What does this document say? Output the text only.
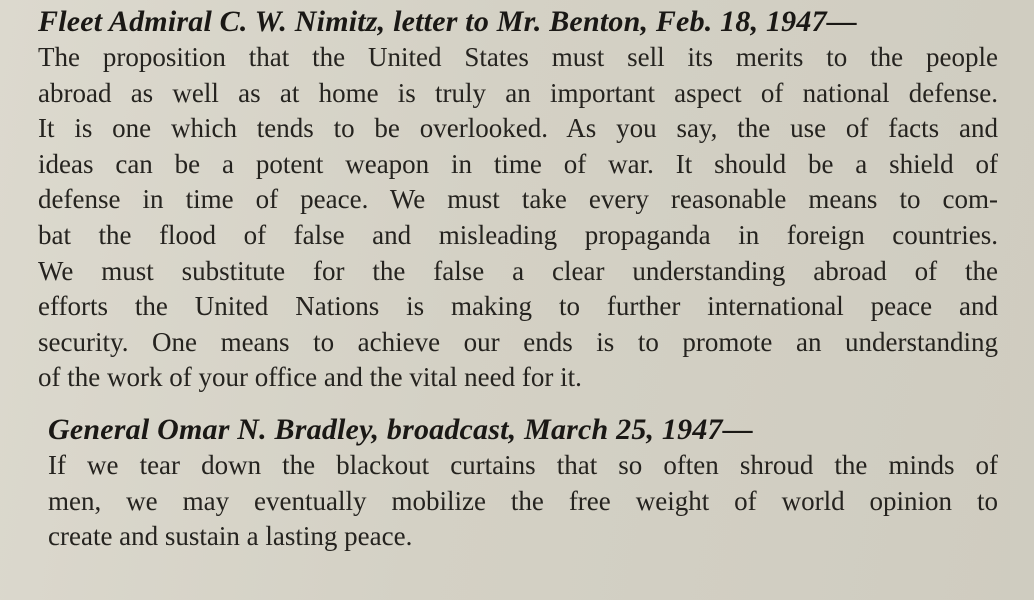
Fleet Admiral C. W. Nimitz, letter to Mr. Benton, Feb. 18, 1947—

The proposition that the United States must sell its merits to the people
abroad as well as at home is truly an important aspect of national defense.
It is one which tends to be overlooked. As you say, the use of facts and
ideas can be a potent weapon in time of war. It should be a shield of
defense in time of peace. We must take every reasonable means to com-
bat the flood of false and misleading propaganda in foreign countries.
We must substitute for the false a clear understanding abroad of the
efforts the United Nations is making to further international peace and
security. One means to achieve our ends is to promote an understanding
of the work of your office and the vital need for it.

General Omar N. Bradley, broadcast, March 25, 1947—

If we tear down the blackout curtains that so often shroud the minds of
men, we may eventually mobilize the free weight of world opinion to
create and sustain a lasting peace.
